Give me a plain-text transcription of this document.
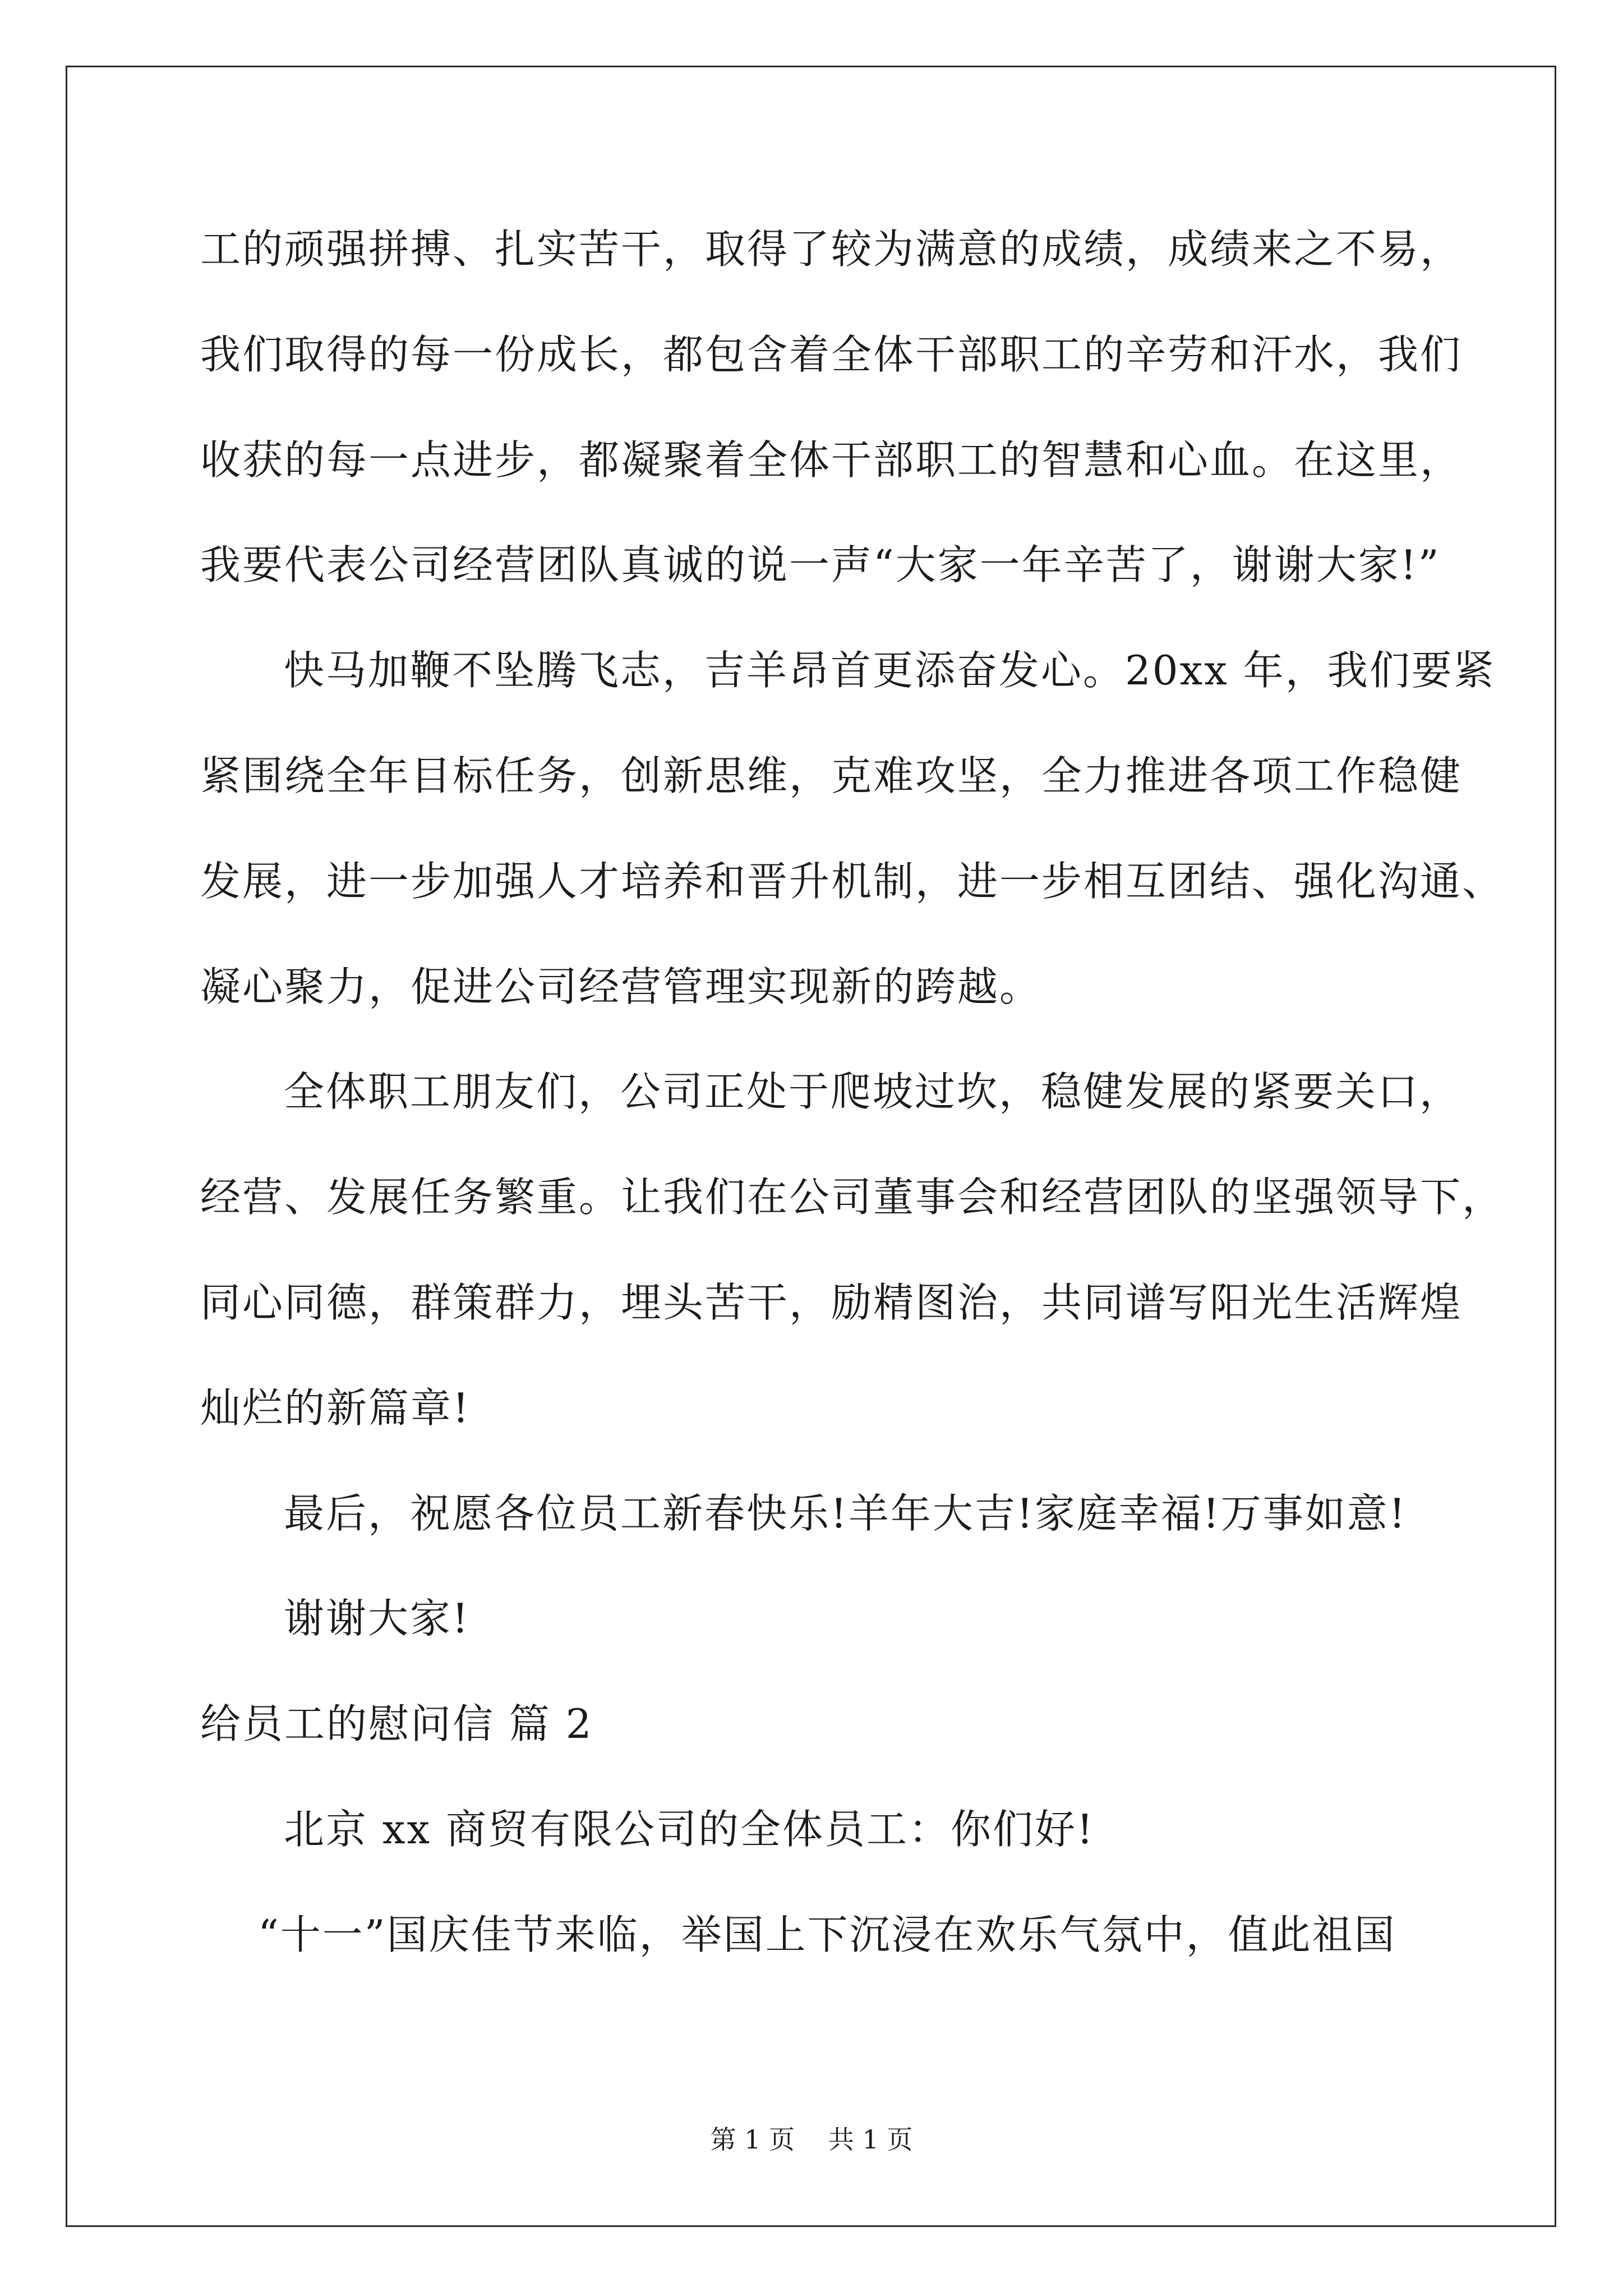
工的顽强拼搏、扎实苦干，取得了较为满意的成绩，成绩来之不易，
我们取得的每一份成长，都包含着全体干部职工的辛劳和汗水，我们
收获的每一点进步，都凝聚着全体干部职工的智慧和心血。在这里，
我要代表公司经营团队真诚的说一声“大家一年辛苦了，谢谢大家!”
快马加鞭不坠腾飞志，吉羊昂首更添奋发心。20xx 年，我们要紧
紧围绕全年目标任务，创新思维，克难攻坚，全力推进各项工作稳健
发展，进一步加强人才培养和晋升机制，进一步相互团结、强化沟通、
凝心聚力，促进公司经营管理实现新的跨越。
全体职工朋友们，公司正处于爬坡过坎，稳健发展的紧要关口，
经营、发展任务繁重。让我们在公司董事会和经营团队的坚强领导下，
同心同德，群策群力，埋头苦干，励精图治，共同谱写阳光生活辉煌
灿烂的新篇章!
最后，祝愿各位员工新春快乐!羊年大吉!家庭幸福!万事如意!
谢谢大家!
给员工的慰问信 篇 2
北京 xx 商贸有限公司的全体员工：你们好!
“十一”国庆佳节来临，举国上下沉浸在欢乐气氛中，值此祖国
第 1 页 共 1 页
